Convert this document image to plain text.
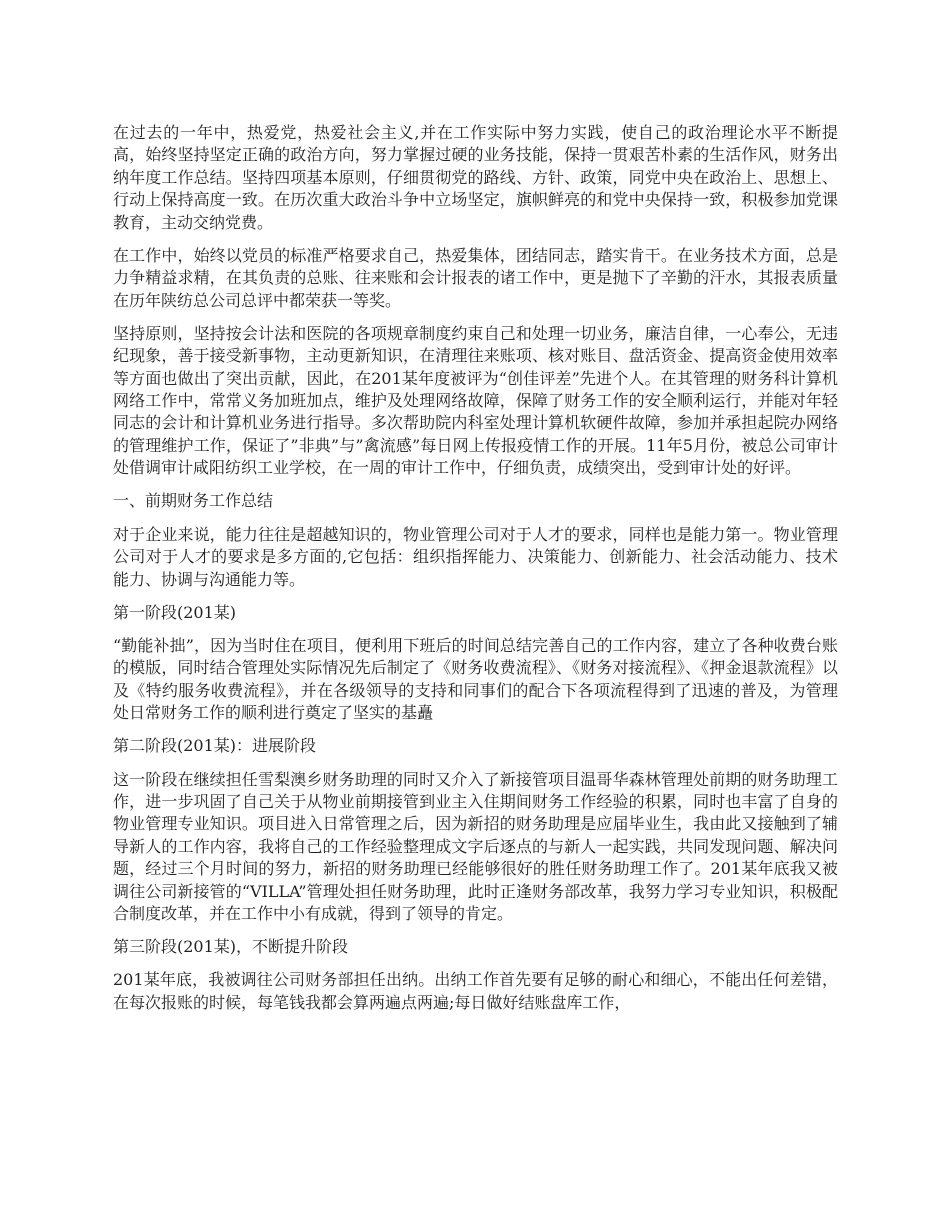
在过去的一年中，热爱党，热爱社会主义,并在工作实际中努力实践，使自己的政治理论水平不断提高，始终坚持坚定正确的政治方向，努力掌握过硬的业务技能，保持一贯艰苦朴素的生活作风，财务出纳年度工作总结。坚持四项基本原则，仔细贯彻党的路线、方针、政策，同党中央在政治上、思想上、行动上保持高度一致。在历次重大政治斗争中立场坚定，旗帜鲜亮的和党中央保持一致，积极参加党课教育，主动交纳党费。

在工作中，始终以党员的标准严格要求自己，热爱集体，团结同志，踏实肯干。在业务技术方面，总是力争精益求精，在其负责的总账、往来账和会计报表的诸工作中，更是抛下了辛勤的汗水，其报表质量在历年陕纺总公司总评中都荣获一等奖。

坚持原则，坚持按会计法和医院的各项规章制度约束自己和处理一切业务，廉洁自律，一心奉公，无违纪现象，善于接受新事物，主动更新知识，在清理往来账项、核对账目、盘活资金、提高资金使用效率等方面也做出了突出贡献，因此，在201某年度被评为“创佳评差”先进个人。在其管理的财务科计算机网络工作中，常常义务加班加点，维护及处理网络故障，保障了财务工作的安全顺利运行，并能对年轻同志的会计和计算机业务进行指导。多次帮助院内科室处理计算机软硬件故障，参加并承担起院办网络的管理维护工作，保证了”非典”与”禽流感”每日网上传报疫情工作的开展。11年5月份，被总公司审计处借调审计咸阳纺织工业学校，在一周的审计工作中，仔细负责，成绩突出，受到审计处的好评。

一、前期财务工作总结

对于企业来说，能力往往是超越知识的，物业管理公司对于人才的要求，同样也是能力第一。物业管理公司对于人才的要求是多方面的,它包括：组织指挥能力、决策能力、创新能力、社会活动能力、技术能力、协调与沟通能力等。

第一阶段(201某)

“勤能补拙”，因为当时住在项目，便利用下班后的时间总结完善自己的工作内容，建立了各种收费台账的模版，同时结合管理处实际情况先后制定了《财务收费流程》、《财务对接流程》、《押金退款流程》以及《特约服务收费流程》，并在各级领导的支持和同事们的配合下各项流程得到了迅速的普及，为管理处日常财务工作的顺利进行奠定了坚实的基矗

第二阶段(201某)：进展阶段

这一阶段在继续担任雪梨澳乡财务助理的同时又介入了新接管项目温哥华森林管理处前期的财务助理工作，进一步巩固了自己关于从物业前期接管到业主入住期间财务工作经验的积累，同时也丰富了自身的物业管理专业知识。项目进入日常管理之后，因为新招的财务助理是应届毕业生，我由此又接触到了辅导新人的工作内容，我将自己的工作经验整理成文字后逐点的与新人一起实践，共同发现问题、解决问题，经过三个月时间的努力，新招的财务助理已经能够很好的胜任财务助理工作了。201某年底我又被调往公司新接管的“VILLA”管理处担任财务助理，此时正逢财务部改革，我努力学习专业知识，积极配合制度改革，并在工作中小有成就，得到了领导的肯定。

第三阶段(201某)，不断提升阶段

201某年底，我被调往公司财务部担任出纳。出纳工作首先要有足够的耐心和细心，不能出任何差错，在每次报账的时候，每笔钱我都会算两遍点两遍;每日做好结账盘库工作，
